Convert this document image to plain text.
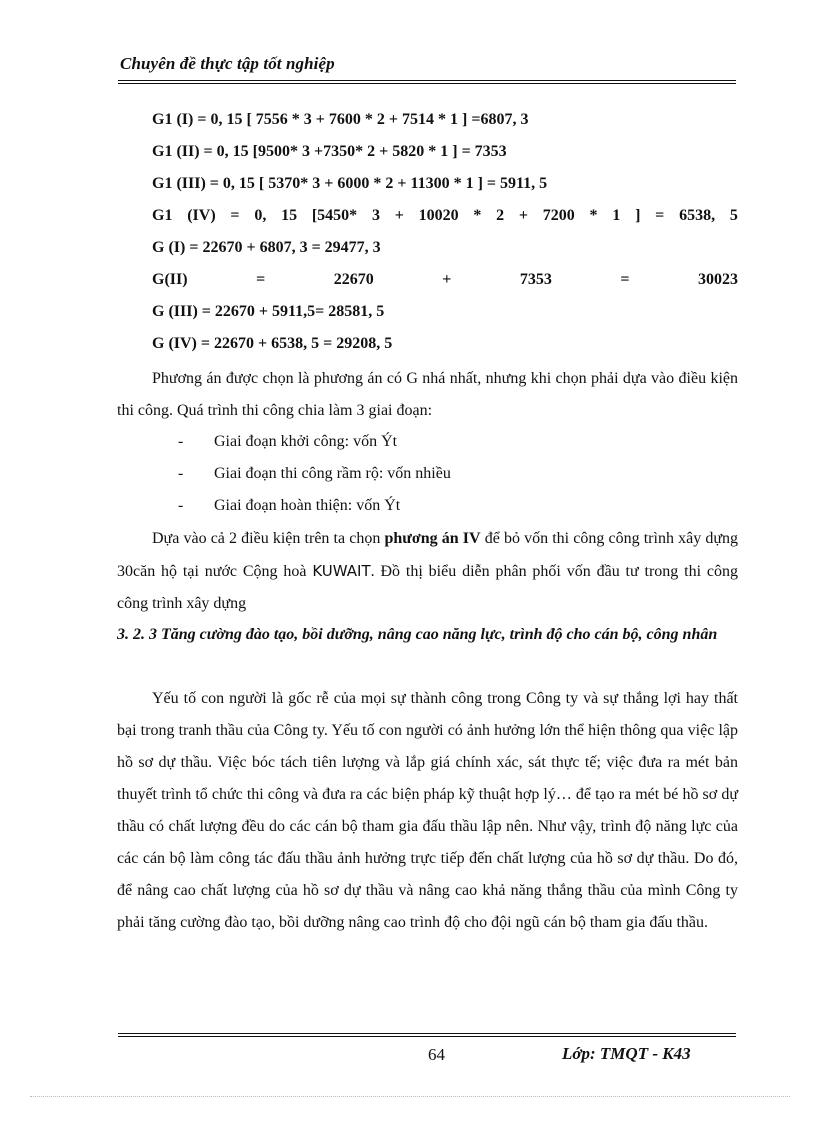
Chuyên đề thực tập tốt nghiệp
G1 (I) = 0, 15 [ 7556 * 3 + 7600 * 2 + 7514 * 1 ] =6807, 3
G1 (II) = 0, 15 [9500* 3 +7350* 2 + 5820 * 1 ] = 7353
G1 (III) = 0, 15 [ 5370* 3 + 6000 * 2 + 11300 * 1 ] = 5911, 5
G1 (IV) = 0, 15 [5450* 3 + 10020 * 2 + 7200 * 1 ] = 6538, 5
G (I) = 22670 + 6807, 3 = 29477, 3
G(II)	=	22670	+	7353	=	30023
G (III) = 22670 + 5911,5= 28581, 5
G (IV) = 22670 + 6538, 5 = 29208, 5
Phương án được chọn là phương án có G nhá nhất, nhưng khi chọn phải dựa vào điều kiện thi công. Quá trình thi công chia làm 3 giai đoạn:
- Giai đoạn khởi công: vốn Ýt
- Giai đoạn thi công rầm rộ: vốn nhiều
- Giai đoạn hoàn thiện: vốn Ýt
Dựa vào cả 2 điều kiện trên ta chọn phương án IV để bỏ vốn thi công công trình xây dựng 30căn hộ tại nước Cộng hoà KUWAIT. Đồ thị biểu diễn phân phối vốn đầu tư trong thi công công trình xây dựng
3. 2. 3 Tăng cường đào tạo, bồi dưỡng, nâng cao năng lực, trình độ cho cán bộ, công nhân
Yếu tố con người là gốc rễ của mọi sự thành công trong Công ty và sự thắng lợi hay thất bại trong tranh thầu của Công ty. Yếu tố con người có ảnh hưởng lớn thể hiện thông qua việc lập hồ sơ dự thầu. Việc bóc tách tiên lượng và lắp giá chính xác, sát thực tế; việc đưa ra mét bản thuyết trình tổ chức thi công và đưa ra các biện pháp kỹ thuật hợp lý… để tạo ra mét bé hồ sơ dự thầu có chất lượng đều do các cán bộ tham gia đấu thầu lập nên. Như vậy, trình độ năng lực của các cán bộ làm công tác đấu thầu ảnh hưởng trực tiếp đến chất lượng của hồ sơ dự thầu. Do đó, để nâng cao chất lượng của hồ sơ dự thầu và nâng cao khả năng thắng thầu của mình Công ty phải tăng cường đào tạo, bồi dưỡng nâng cao trình độ cho đội ngũ cán bộ tham gia đấu thầu.
64	Lớp: TMQT - K43
